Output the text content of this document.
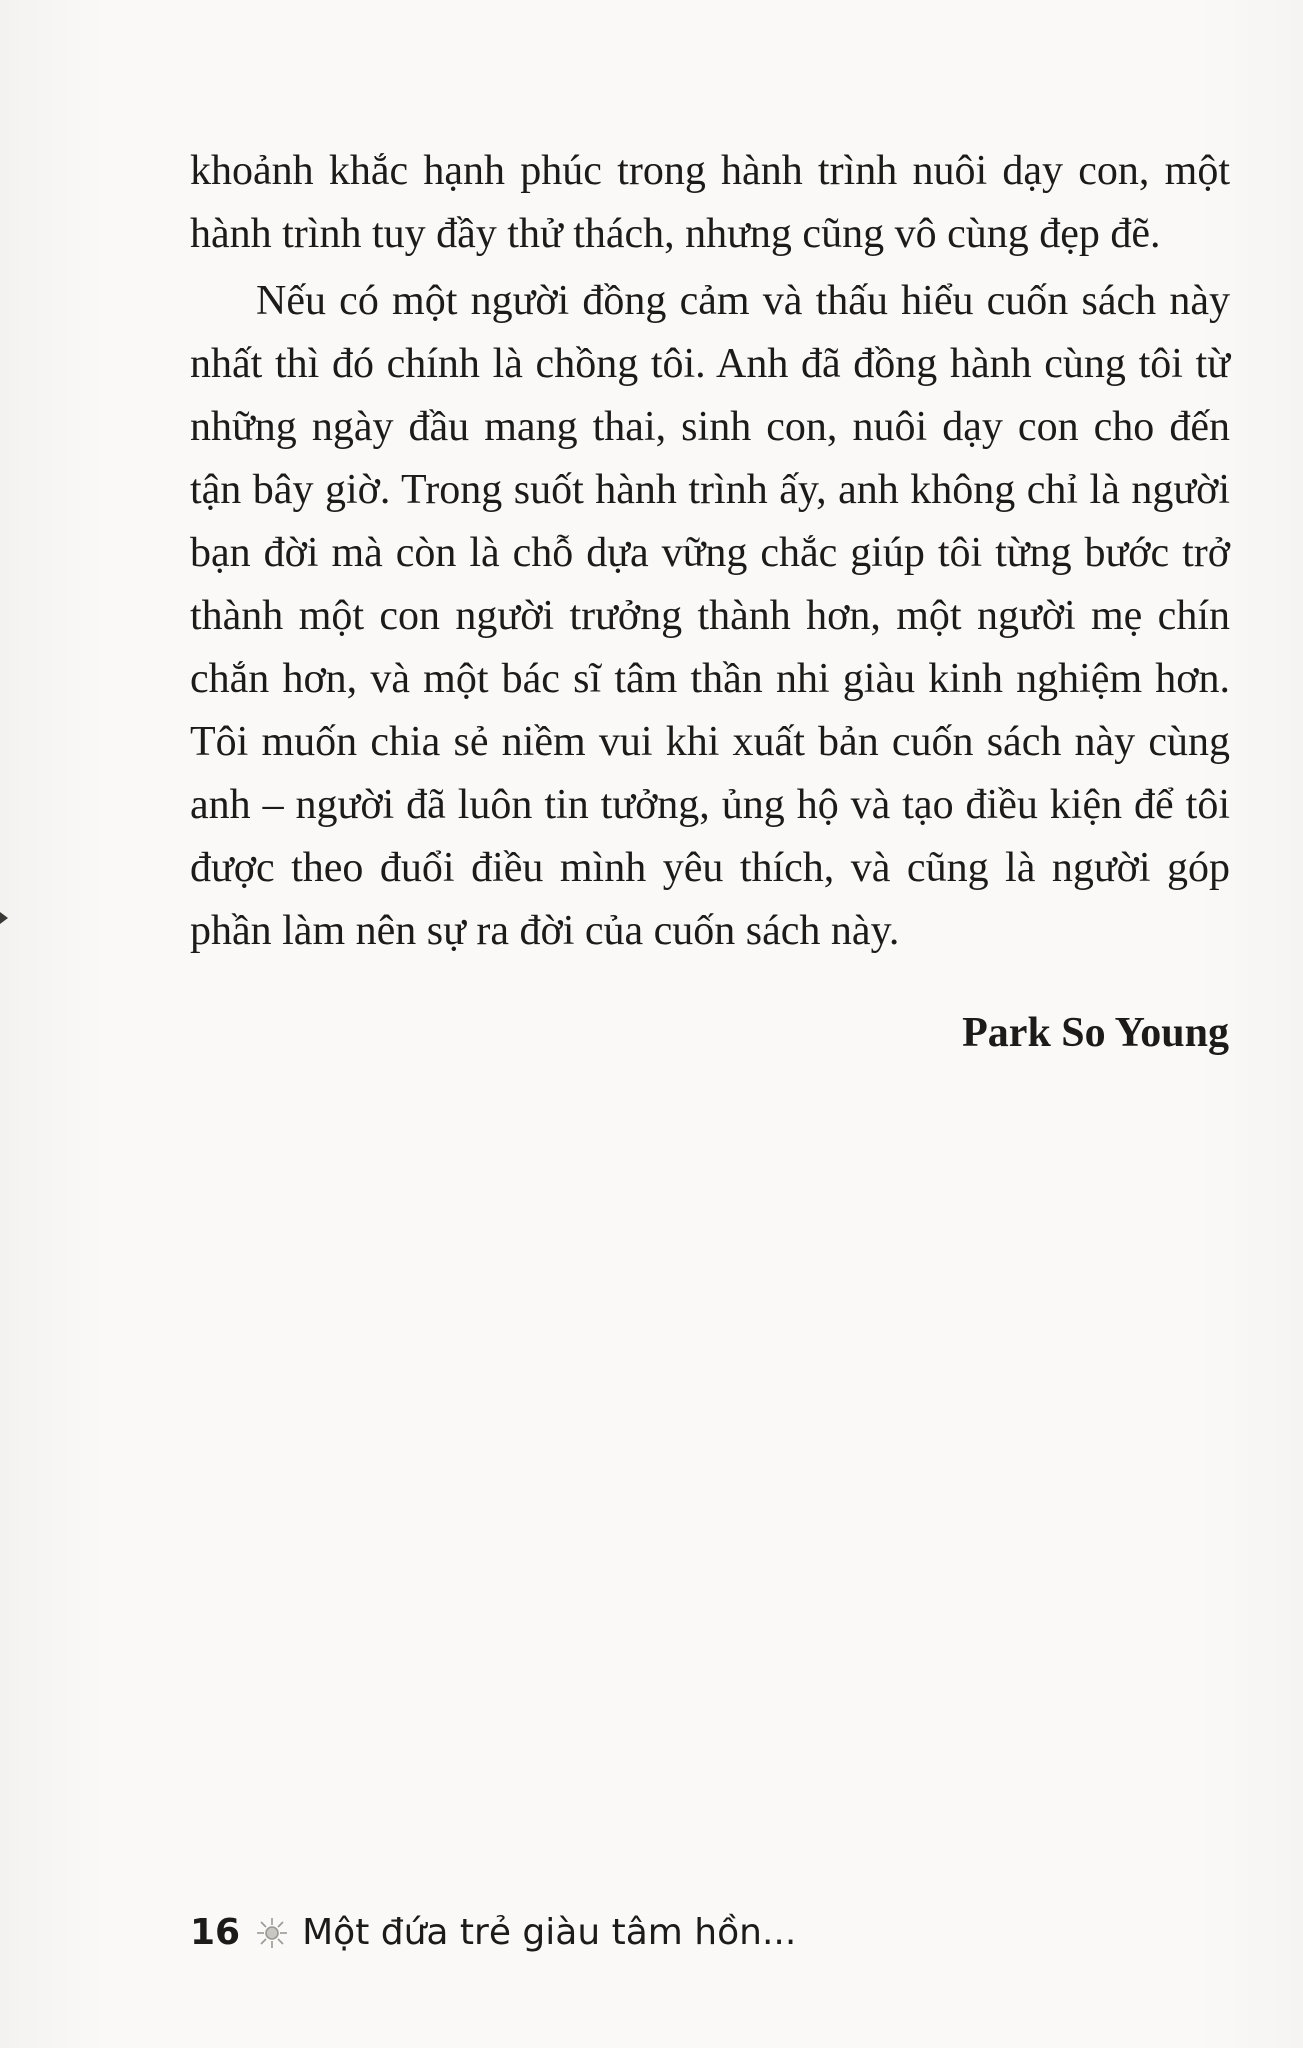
khoảnh khắc hạnh phúc trong hành trình nuôi dạy con, một hành trình tuy đầy thử thách, nhưng cũng vô cùng đẹp đẽ.

Nếu có một người đồng cảm và thấu hiểu cuốn sách này nhất thì đó chính là chồng tôi. Anh đã đồng hành cùng tôi từ những ngày đầu mang thai, sinh con, nuôi dạy con cho đến tận bây giờ. Trong suốt hành trình ấy, anh không chỉ là người bạn đời mà còn là chỗ dựa vững chắc giúp tôi từng bước trở thành một con người trưởng thành hơn, một người mẹ chín chắn hơn, và một bác sĩ tâm thần nhi giàu kinh nghiệm hơn. Tôi muốn chia sẻ niềm vui khi xuất bản cuốn sách này cùng anh – người đã luôn tin tưởng, ủng hộ và tạo điều kiện để tôi được theo đuổi điều mình yêu thích, và cũng là người góp phần làm nên sự ra đời của cuốn sách này.

Park So Young
16 Một đứa trẻ giàu tâm hồn...
